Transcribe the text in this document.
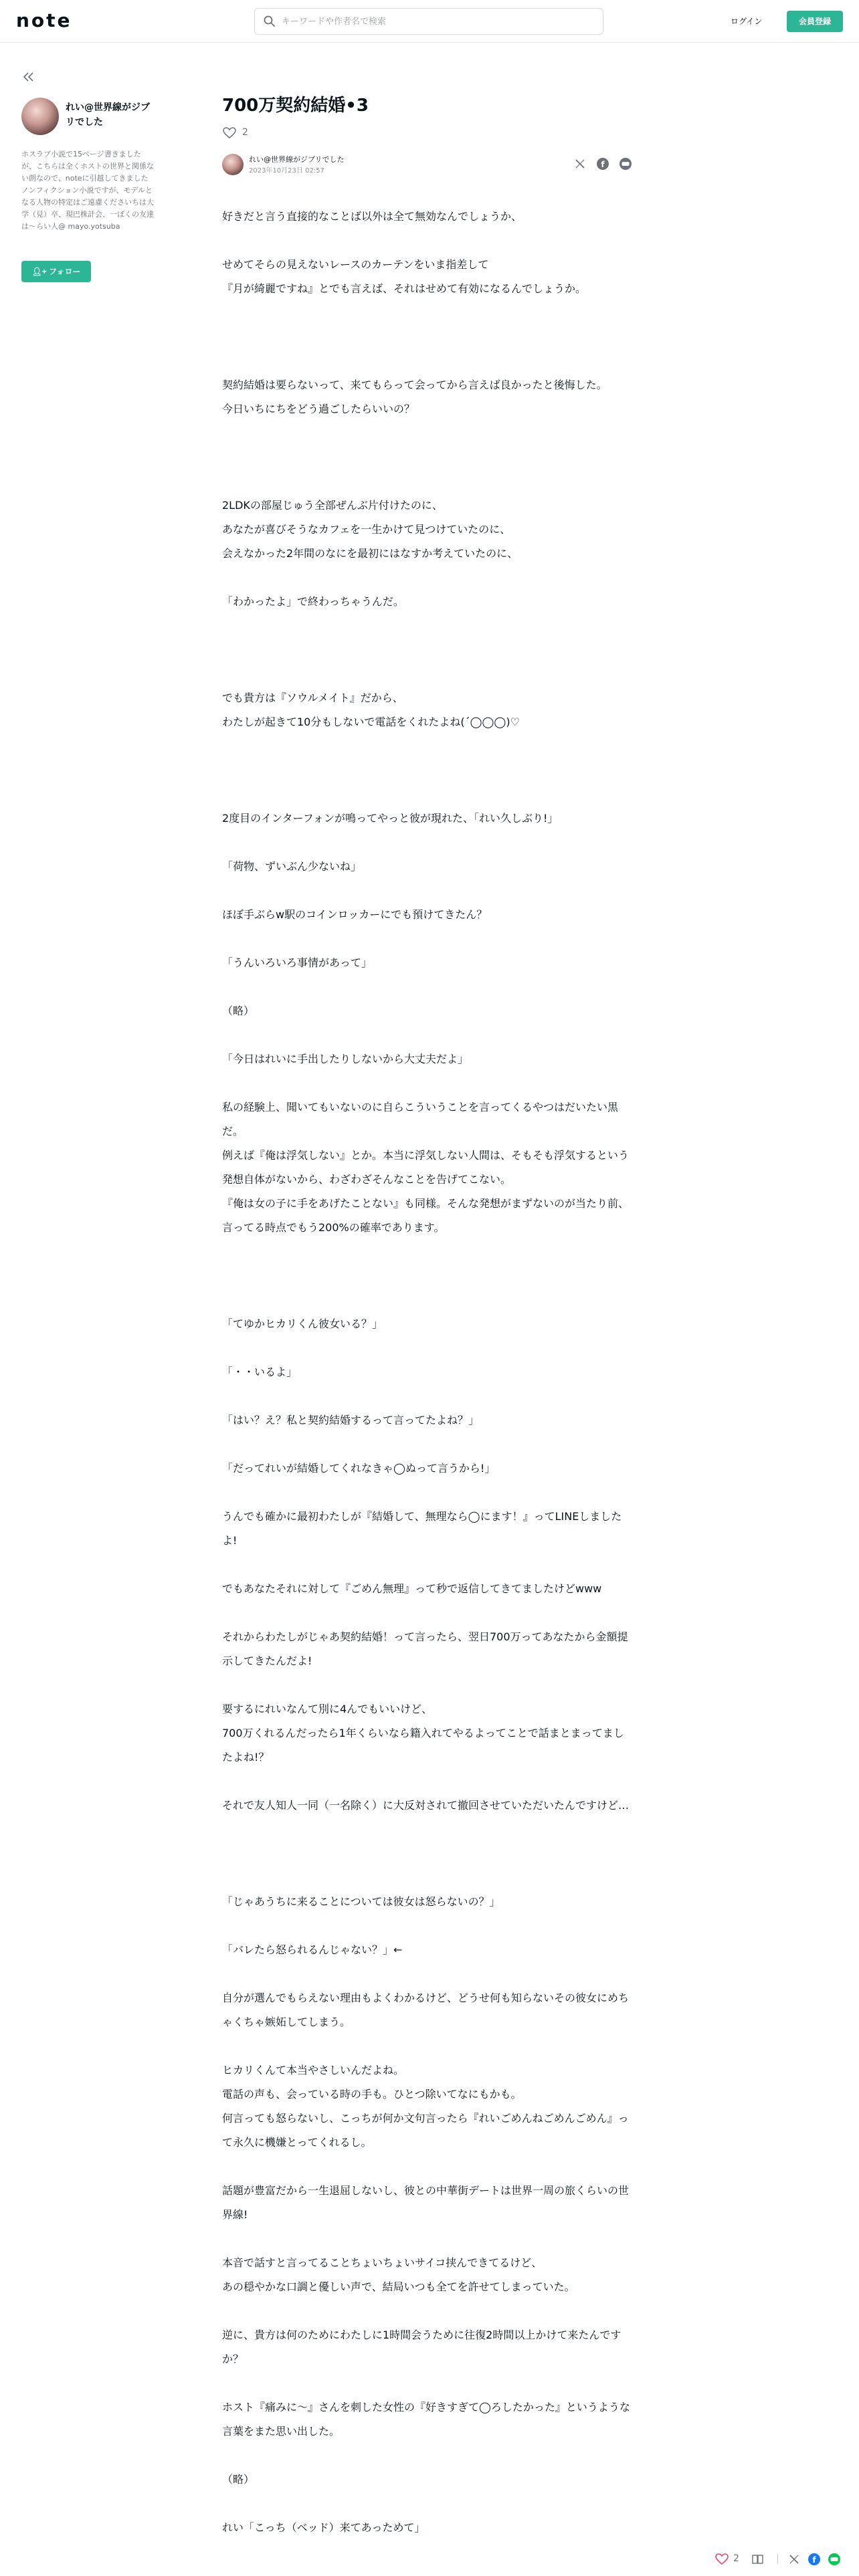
note
キーワードや作者名で検索	ログイン	会員登録
れい@世界線がジブリでした
ホスラブ小説で15ページ書きましたが、こちらは全くホストの世界と関係ない朗なので、noteに引越してきました ノンフィクション小説ですが、モデルとなる人物の特定はご遠慮くださいちは大学（見）卒、現巴株計会、一ぼくの友達は～らい人@ mayo.yotsuba
👤︎+ フォロー
700万契約結婚•3
2
れい@世界線がジブリでした
2023年10月23日 02:57
f

好きだと言う直接的なことば以外は全て無効なんでしょうか、

せめてそらの見えないレースのカーテンをいま指差して
『月が綺麗ですね』とでも言えば、それはせめて有効になるんでしょうか。

契約結婚は要らないって、来てもらって会ってから言えば良かったと後悔した。
今日いちにちをどう過ごしたらいいの？

2LDKの部屋じゅう全部ぜんぶ片付けたのに、
あなたが喜びそうなカフェを一生かけて見つけていたのに、
会えなかった2年間のなにを最初にはなすか考えていたのに、

「わかったよ」で終わっちゃうんだ。

でも貴方は『ソウルメイト』だから、
わたしが起きて10分もしないで電話をくれたよね(´◯◯◯)♡

2度目のインターフォンが鳴ってやっと彼が現れた、「れい久しぶり!」

「荷物、ずいぶん少ないね」

ほぼ手ぶらw駅のコインロッカーにでも預けてきたん？

「うんいろいろ事情があって」

（略）

「今日はれいに手出したりしないから大丈夫だよ」

私の経験上、聞いてもいないのに自らこういうことを言ってくるやつはだいたい黒だ。
例えば『俺は浮気しない』とか。本当に浮気しない人間は、そもそも浮気するという発想自体がないから、わざわざそんなことを告げてこない。
『俺は女の子に手をあげたことない』も同様。そんな発想がまずないのが当たり前、言ってる時点でもう200%の確率であります。

「てゆかヒカリくん彼女いる？」

「・・いるよ」

「はい？え？私と契約結婚するって言ってたよね？」

「だってれいが結婚してくれなきゃ◯ぬって言うから!」

うんでも確かに最初わたしが『結婚して、無理なら◯にます！』ってLINEしましたよ!

でもあなたそれに対して『ごめん無理』って秒で返信してきてましたけどwww

それからわたしがじゃあ契約結婚！って言ったら、翌日700万ってあなたから金額提示してきたんだよ!

要するにれいなんて別に4んでもいいけど、
700万くれるんだったら1年くらいなら籍入れてやるよってことで話まとまってましたよね!？

それで友人知人一同（一名除く）に大反対されて撤回させていただいたんですけど…

「じゃあうちに来ることについては彼女は怒らないの？」

「バレたら怒られるんじゃない？」←

自分が選んでもらえない理由もよくわかるけど、どうせ何も知らないその彼女にめちゃくちゃ嫉妬してしまう。

ヒカリくんて本当やさしいんだよね。
電話の声も、会っている時の手も。ひとつ除いてなにもかも。
何言っても怒らないし、こっちが何か文句言ったら『れいごめんねごめんごめん』って永久に機嫌とってくれるし。

話題が豊富だから一生退屈しないし、彼との中華街デートは世界一周の旅くらいの世界線!

本音で話すと言ってることちょいちょいサイコ挟んできてるけど、
あの穏やかな口調と優しい声で、結局いつも全てを許せてしまっていた。

逆に、貴方は何のためにわたしに1時間会うために往復2時間以上かけて来たんですか？

ホスト『痛みに〜』さんを刺した女性の『好きすぎて◯ろしたかった』というような言葉をまた思い出した。

（略）

れい「こっち（ベッド）来てあっためて」

2	|	f
